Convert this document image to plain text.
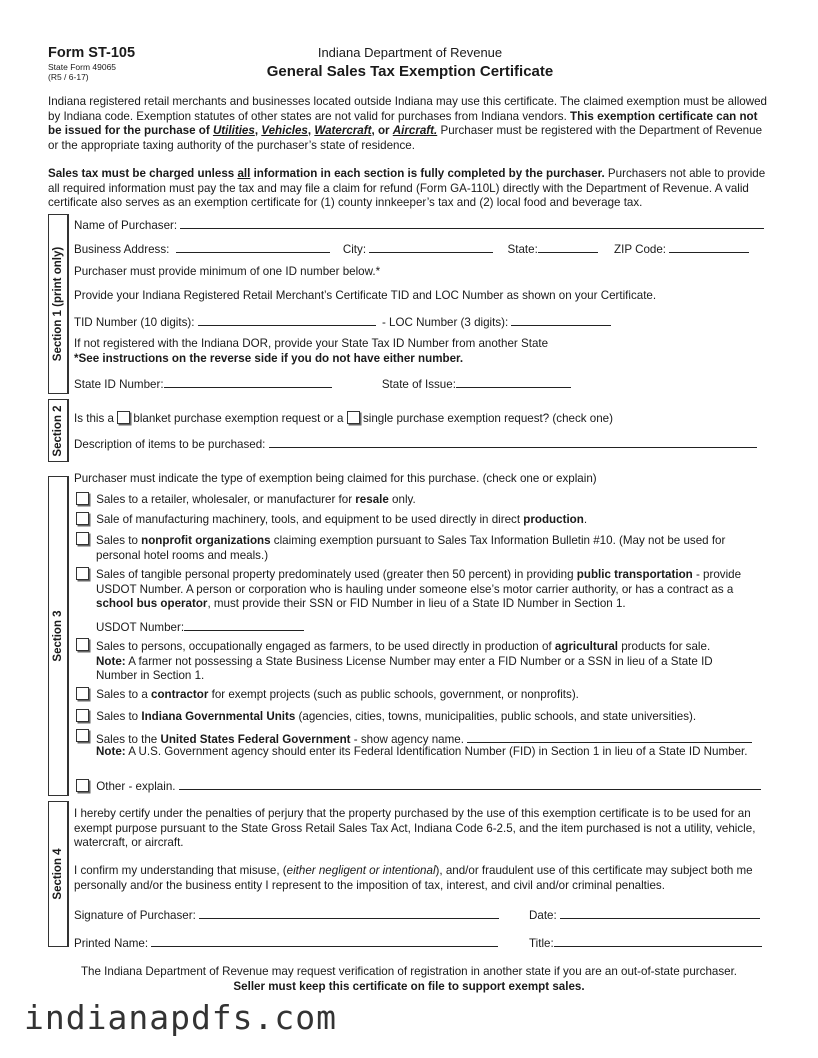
Form ST-105
State Form 49065
(R5 / 6-17)
Indiana Department of Revenue
General Sales Tax Exemption Certificate
Indiana registered retail merchants and businesses located outside Indiana may use this certificate. The claimed exemption must be allowed by Indiana code. Exemption statutes of other states are not valid for purchases from Indiana vendors. This exemption certificate can not be issued for the purchase of Utilities, Vehicles, Watercraft, or Aircraft. Purchaser must be registered with the Department of Revenue or the appropriate taxing authority of the purchaser’s state of residence.
Sales tax must be charged unless all information in each section is fully completed by the purchaser. Purchasers not able to provide all required information must pay the tax and may file a claim for refund (Form GA-110L) directly with the Department of Revenue. A valid certificate also serves as an exemption certificate for (1) county innkeeper’s tax and (2) local food and beverage tax.
Section 1 (print only)
Section 2
Section 3
Section 4
Name of Purchaser:
Business Address:	City:	State:	ZIP Code:
Purchaser must provide minimum of one ID number below.*
Provide your Indiana Registered Retail Merchant’s Certificate TID and LOC Number as shown on your Certificate.
TID Number (10 digits):	- LOC Number (3 digits):
If not registered with the Indiana DOR, provide your State Tax ID Number from another State
*See instructions on the reverse side if you do not have either number.
State ID Number:	State of Issue:
Is this a  blanket purchase exemption request or a  single purchase exemption request? (check one)
Description of items to be purchased:
Purchaser must indicate the type of exemption being claimed for this purchase. (check one or explain)
Sales to a retailer, wholesaler, or manufacturer for resale only.
Sale of manufacturing machinery, tools, and equipment to be used directly in direct production.
Sales to nonprofit organizations claiming exemption pursuant to Sales Tax Information Bulletin #10. (May not be used for personal hotel rooms and meals.)
Sales of tangible personal property predominately used (greater then 50 percent) in providing public transportation - provide USDOT Number. A person or corporation who is hauling under someone else’s motor carrier authority, or has a contract as a school bus operator, must provide their SSN or FID Number in lieu of a State ID Number in Section 1.
USDOT Number:
Sales to persons, occupationally engaged as farmers, to be used directly in production of agricultural products for sale.
Note: A farmer not possessing a State Business License Number may enter a FID Number or a SSN in lieu of a State ID Number in Section 1.
Sales to a contractor for exempt projects (such as public schools, government, or nonprofits).
Sales to Indiana Governmental Units (agencies, cities, towns, municipalities, public schools, and state universities).
Sales to the United States Federal Government - show agency name.
Note: A U.S. Government agency should enter its Federal Identification Number (FID) in Section 1 in lieu of a State ID Number.
Other - explain.
I hereby certify under the penalties of perjury that the property purchased by the use of this exemption certificate is to be used for an exempt purpose pursuant to the State Gross Retail Sales Tax Act, Indiana Code 6-2.5, and the item purchased is not a utility, vehicle, watercraft, or aircraft.
I confirm my understanding that misuse, (either negligent or intentional), and/or fraudulent use of this certificate may subject both me personally and/or the business entity I represent to the imposition of tax, interest, and civil and/or criminal penalties.
Signature of Purchaser:	Date:
Printed Name:	Title:
The Indiana Department of Revenue may request verification of registration in another state if you are an out-of-state purchaser.
Seller must keep this certificate on file to support exempt sales.
indianapdfs.com
